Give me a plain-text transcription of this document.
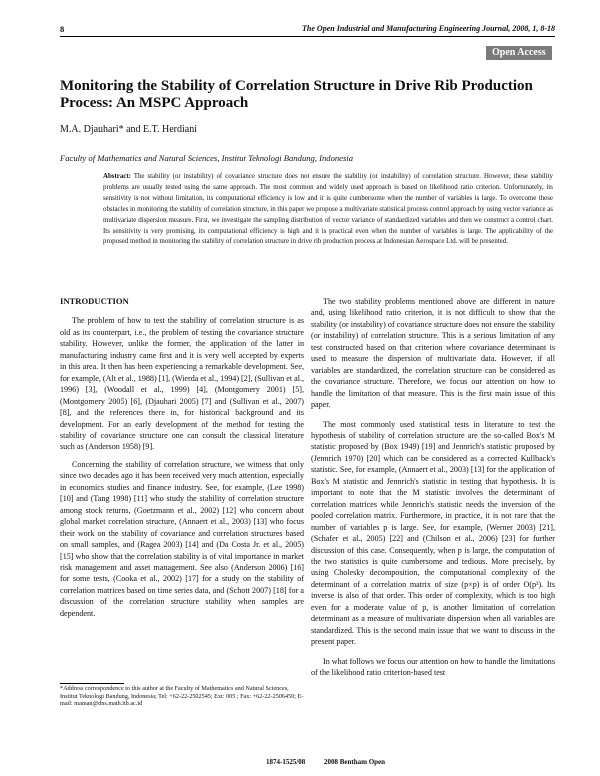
8	The Open Industrial and Manufacturing Engineering Journal, 2008, 1, 8-18
Open Access
Monitoring the Stability of Correlation Structure in Drive Rib Production Process: An MSPC Approach
M.A. Djauhari* and E.T. Herdiani
Faculty of Mathematics and Natural Sciences, Institut Teknologi Bandung, Indonesia
Abstract: The stability (or instability) of covariance structure does not ensure the stability (or instability) of correlation structure. However, these stability problems are usually tested using the same approach. The most common and widely used approach is based on likelihood ratio criterion. Unfortunately, its sensitivity is not without limitation, its computational efficiency is low and it is quite cumbersome when the number of variables is large. To overcome these obstacles in monitoring the stability of correlation structure, in this paper we propose a multivariate statistical process control approach by using vector variance as multivariate dispersion measure. First, we investigate the sampling distribution of vector variance of standardized variables and then we construct a control chart. Its sensitivity is very promising, its computational efficiency is high and it is practical even when the number of variables is large. The applicability of the proposed method in monitoring the stability of correlation structure in drive rib production process at Indonesian Aerospace Ltd. will be presented.
INTRODUCTION

The problem of how to test the stability of correlation structure is as old as its counterpart, i.e., the problem of testing the covariance structure stability. However, unlike the former, the application of the latter in manufacturing industry came first and it is very well accepted by experts in this area. It then has been experiencing a remarkable development. See, for example, (Alt et al., 1988) [1], (Wierda et al., 1994) [2], (Sullivan et al., 1996) [3], (Woodall et al., 1999) [4], (Montgomery 2001) [5], (Montgomery 2005) [6], (Djauhari 2005) [7] and (Sullivan et al., 2007) [8], and the references there in, for historical background and its development. For an early development of the method for testing the stability of covariance structure one can consult the classical literature such as (Anderson 1958) [9].

Concerning the stability of correlation structure, we witness that only since two decades ago it has been received very much attention, especially in economics studies and finance industry. See, for example, (Lee 1998) [10] and (Tang 1998) [11] who study the stability of correlation structure among stock returns, (Goetzmann et al., 2002) [12] who concern about global market correlation structure, (Annaert et al., 2003) [13] who focus their work on the stability of covariance and correlation structures based on small samples, and (Ragea 2003) [14] and (Da Costa Jr. et al., 2005) [15] who show that the correlation stability is of vital importance in market risk management and asset management. See also (Anderson 2006) [16] for some tests, (Cooka et al., 2002) [17] for a study on the stability of correlation matrices based on time series data, and (Schott 2007) [18] for a discussion of the correlation structure stability when samples are dependent.

The two stability problems mentioned above are different in nature and, using likelihood ratio criterion, it is not difficult to show that the stability (or instability) of covariance structure does not ensure the stability (or instability) of correlation structure. This is a serious limitation of any test constructed based on that criterion where covariance determinant is used to measure the dispersion of multivariate data. However, if all variables are standardized, the correlation structure can be considered as the covariance structure. Therefore, we focus our attention on how to handle the limitation of that measure. This is the first main issue of this paper.

The most commonly used statistical tests in literature to test the hypothesis of stability of correlation structure are the so-called Box's M statistic proposed by (Box 1949) [19] and Jennrich's statistic proposed by (Jennrich 1970) [20] which can be considered as a corrected Kullback's statistic. See, for example, (Annaert et al., 2003) [13] for the application of Box's M statistic and Jennrich's statistic in testing that hypothesis. It is important to note that the M statistic involves the determinant of correlation matrices while Jennrich's statistic needs the inversion of the pooled correlation matrix. Furthermore, in practice, it is not rare that the number of variables p is large. See, for example, (Werner 2003) [21], (Schafer et al., 2005) [22] and (Chilson et al., 2006) [23] for further discussion of this case. Consequently, when p is large, the computation of the two statistics is quite cumbersome and tedious. More precisely, by using Cholesky decomposition, the computational complexity of the determinant of a correlation matrix of size (p×p) is of order O(p³). Its inverse is also of that order. This order of complexity, which is too high even for a moderate value of p, is another limitation of correlation determinant as a measure of multivariate dispersion when all variables are standardized. This is the second main issue that we want to discuss in the present paper.

In what follows we focus our attention on how to handle the limitations of the likelihood ratio criterion-based test

*Address correspondence to this author at the Faculty of Mathematics and Natural Sciences, Institut Teknologi Bandung, Indonesia; Tel: +62-22-2502545; Ext: 005 ; Fax: +62-22-2506450; E-mail: maman@dns.math.itb.ac.id
1874-1525/08	2008 Bentham Open
